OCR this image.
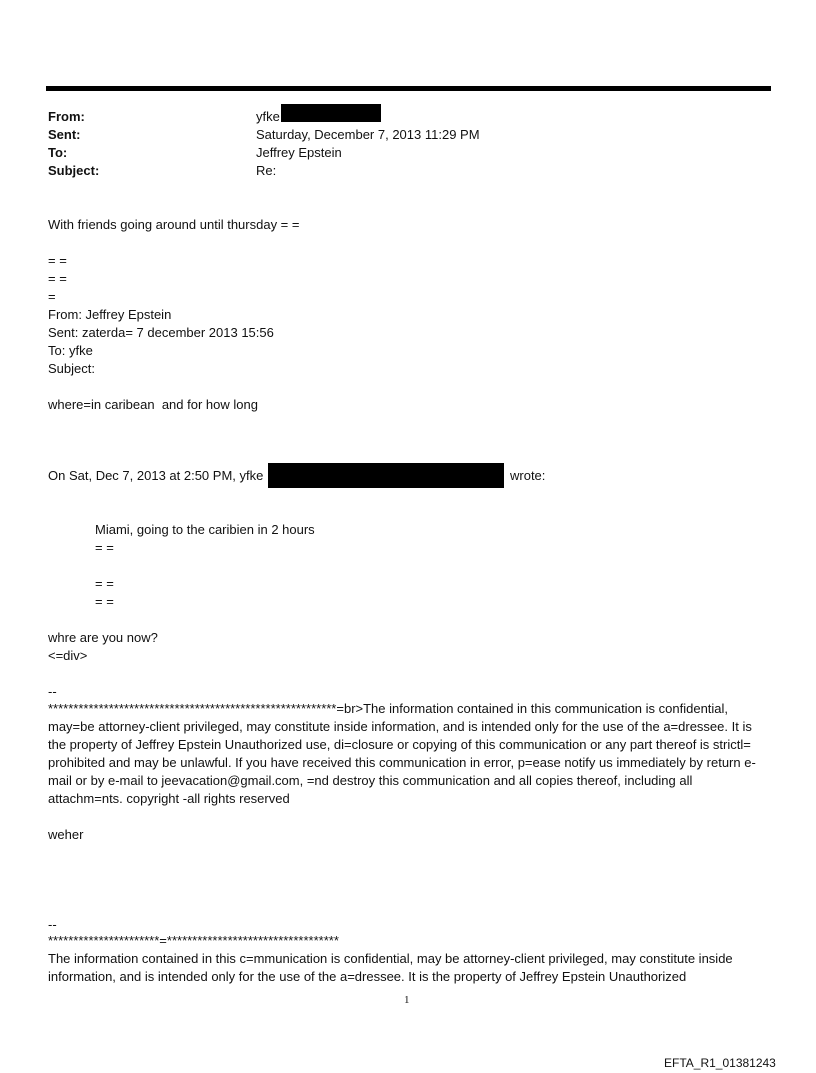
From:	yfke
Sent:	Saturday, December 7, 2013 11:29 PM
To:	Jeffrey Epstein
Subject:	Re:
With friends going around until thursday = =
= =
= =
=
From: Jeffrey Epstein
Sent: zaterda= 7 december 2013 15:56
To: yfke
Subject:
where=in caribean  and for how long
On Sat, Dec 7, 2013 at 2:50 PM, yfke	wrote:
Miami, going to the caribien in 2 hours
= =
= =
= =
whre are you now?
<=div>
--
*********************************************************=br>The information contained in this communication is confidential, may=be attorney-client privileged, may constitute inside information, and is intended only for the use of the a=dressee. It is the property of Jeffrey Epstein Unauthorized use, di=closure or copying of this communication or any part thereof is strictl= prohibited and may be unlawful. If you have received this communication in error, p=ease notify us immediately by return e-mail or by e-mail to jeevacation@gmail.com, =nd destroy this communication and all copies thereof, including all attachm=nts. copyright -all rights reserved
weher
--
**********************=**********************************
The information contained in this c=mmunication is confidential, may be attorney-client privileged, may constitute inside information, and is intended only for the use of the a=dressee. It is the property of Jeffrey Epstein Unauthorized
1
EFTA_R1_01381243
